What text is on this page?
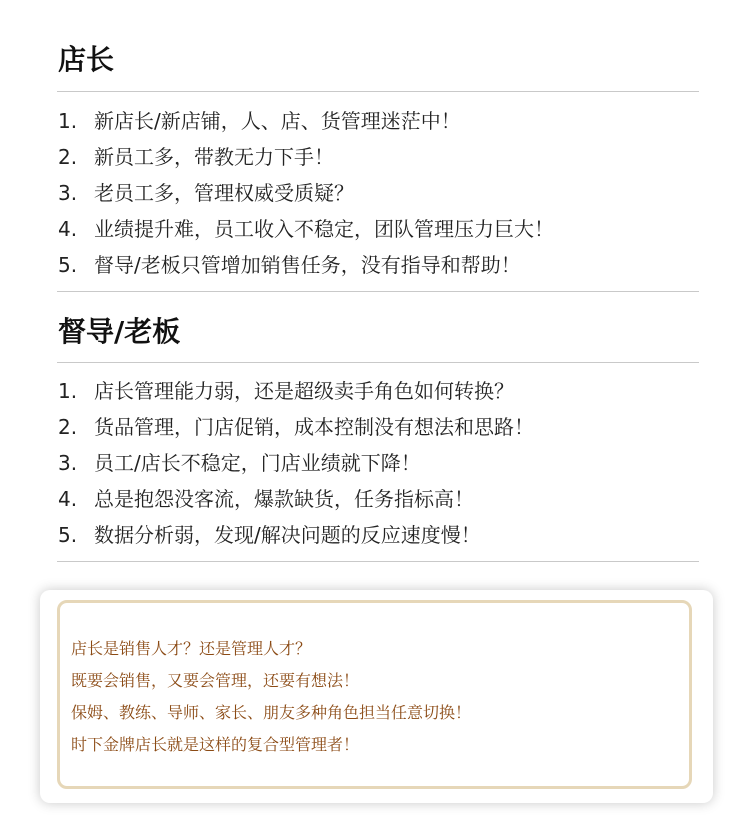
店长
1. 新店长/新店铺，人、店、货管理迷茫中！
2. 新员工多，带教无力下手！
3. 老员工多，管理权威受质疑？
4. 业绩提升难，员工收入不稳定，团队管理压力巨大！
5. 督导/老板只管增加销售任务，没有指导和帮助！
督导/老板
1. 店长管理能力弱，还是超级卖手角色如何转换？
2. 货品管理，门店促销，成本控制没有想法和思路！
3. 员工/店长不稳定，门店业绩就下降！
4. 总是抱怨没客流，爆款缺货，任务指标高！
5. 数据分析弱，发现/解决问题的反应速度慢！
店长是销售人才？还是管理人才？
既要会销售，又要会管理，还要有想法！
保姆、教练、导师、家长、朋友多种角色担当任意切换！
时下金牌店长就是这样的复合型管理者！
